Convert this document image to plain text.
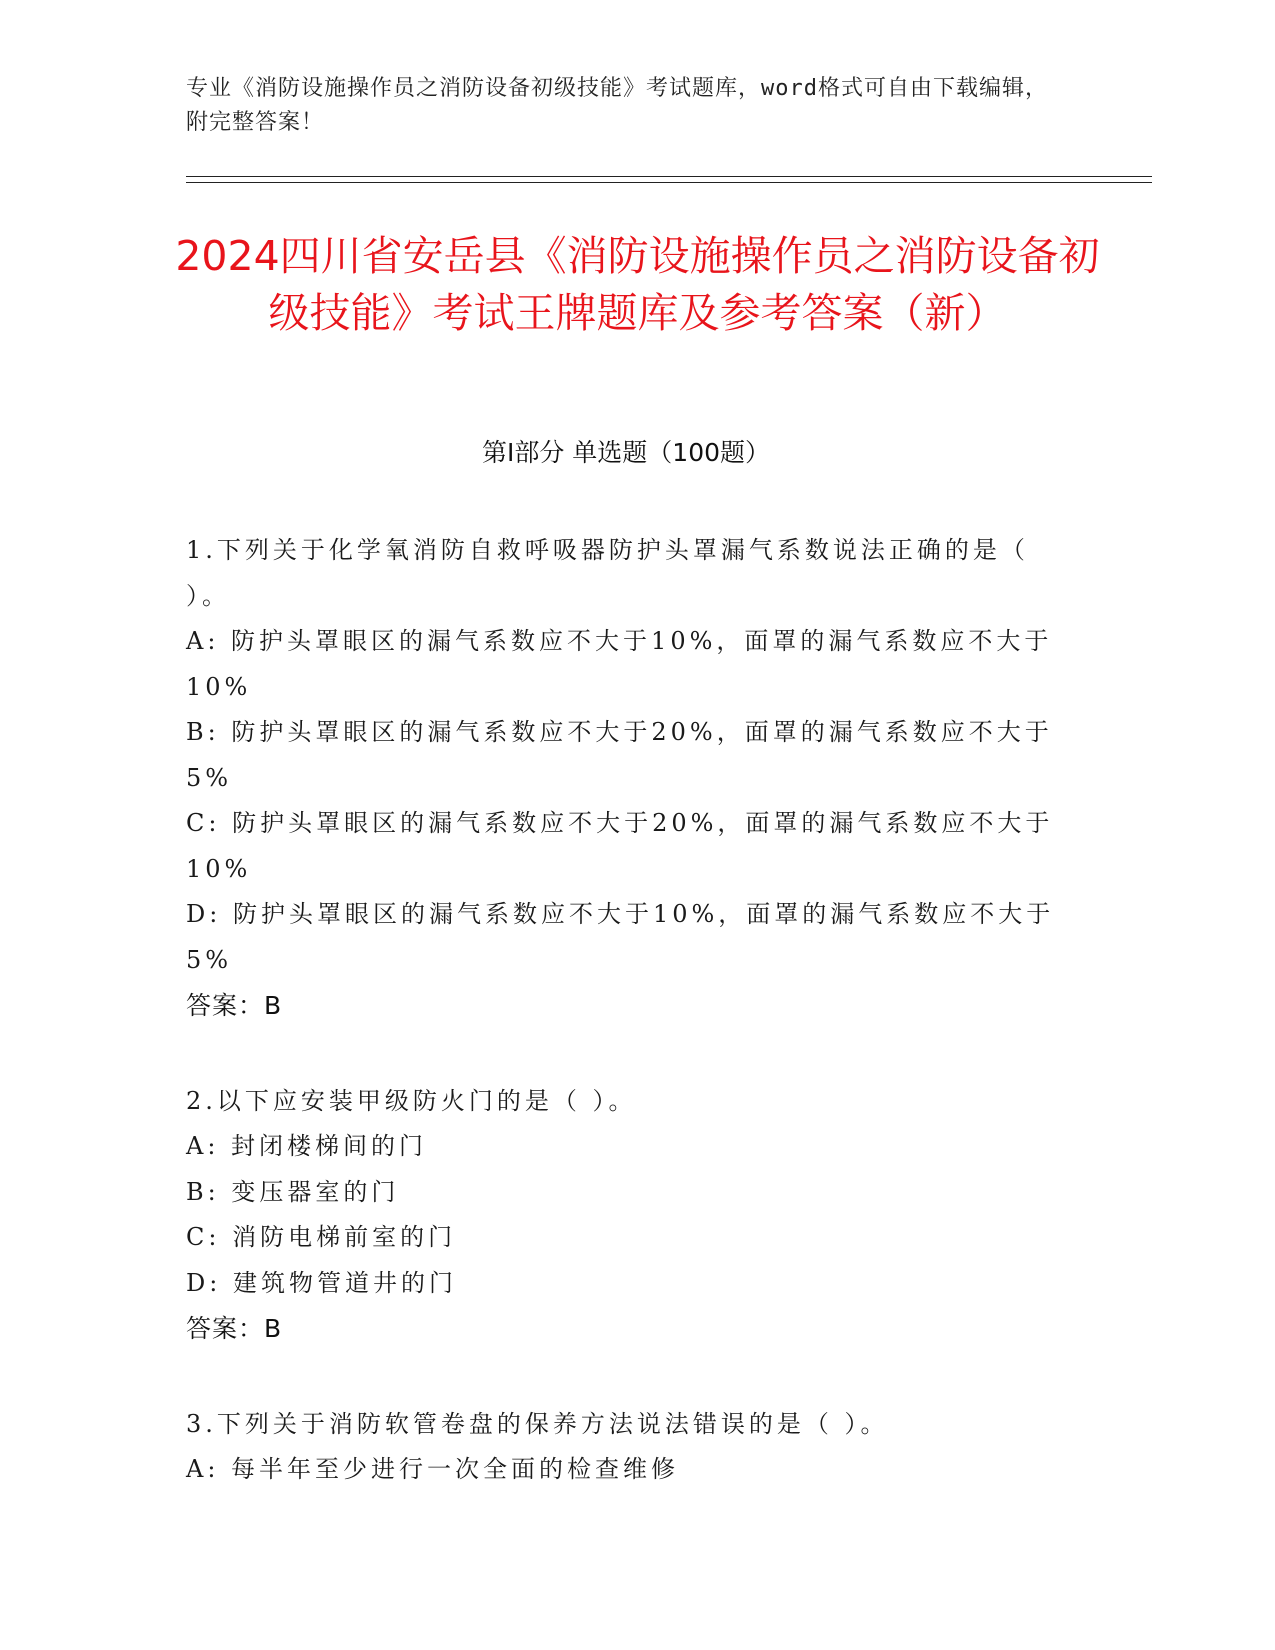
专业《消防设施操作员之消防设备初级技能》考试题库，word格式可自由下载编辑，附完整答案！
2024四川省安岳县《消防设施操作员之消防设备初级技能》考试王牌题库及参考答案（新）
第I部分 单选题（100题）

1.下列关于化学氧消防自救呼吸器防护头罩漏气系数说法正确的是（ ）。

A: 防护头罩眼区的漏气系数应不大于10%，面罩的漏气系数应不大于10%

B: 防护头罩眼区的漏气系数应不大于20%，面罩的漏气系数应不大于5%

C: 防护头罩眼区的漏气系数应不大于20%，面罩的漏气系数应不大于10%

D: 防护头罩眼区的漏气系数应不大于10%，面罩的漏气系数应不大于5%

答案：B

2.以下应安装甲级防火门的是（ ）。

A: 封闭楼梯间的门

B: 变压器室的门

C: 消防电梯前室的门

D: 建筑物管道井的门

答案：B

3.下列关于消防软管卷盘的保养方法说法错误的是（ ）。

A: 每半年至少进行一次全面的检查维修
